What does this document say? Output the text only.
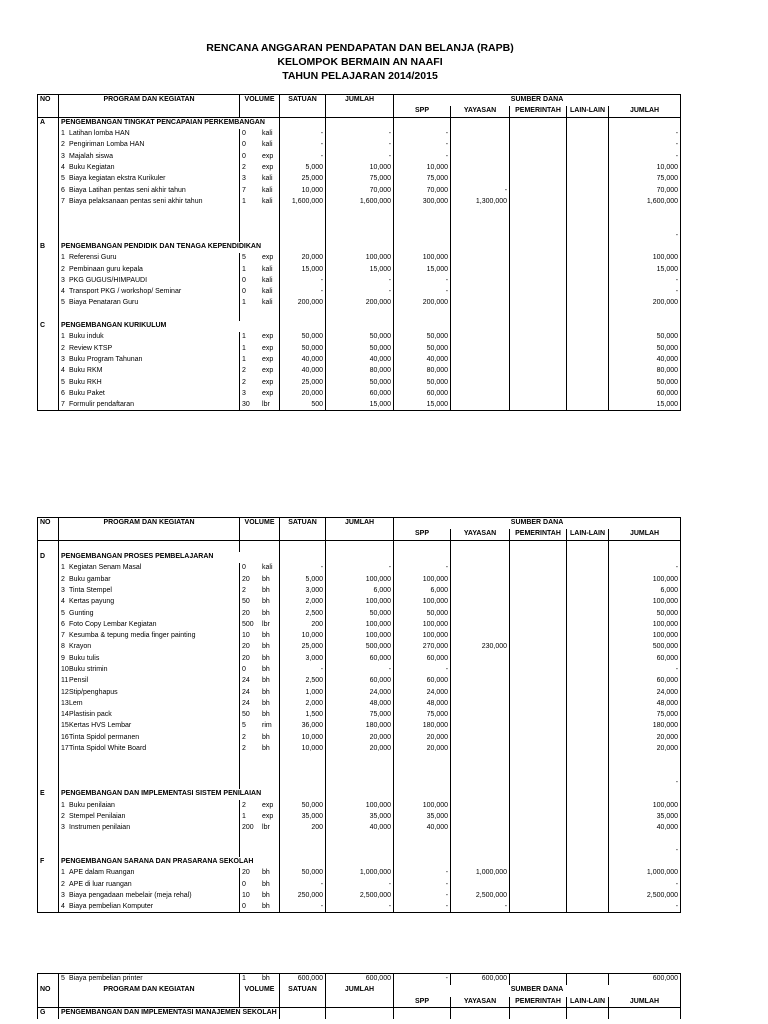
RENCANA ANGGARAN PENDAPATAN DAN BELANJA (RAPB)
KELOMPOK BERMAIN AN NAAFI
TAHUN PELAJARAN 2014/2015
NO	PROGRAM DAN KEGIATAN		VOLUME		SATUAN	JUMLAH	SUMBER DANA				
							SPP	YAYASAN	PEMERINTAH	LAIN-LAIN	JUMLAH
A	PENGEMBANGAN TINGKAT PENCAPAIAN PERKEMBANGAN										
	1	Latihan lomba HAN	0	kali	-	-	-				-
	2	Pengiriman Lomba HAN	0	kali	-	-	-				-
	3	Majalah siswa	0	exp	-	-	-				-
	4	Buku Kegiatan	2	exp	5,000	10,000	10,000				10,000
	5	Biaya kegiatan ekstra Kurikuler	3	kali	25,000	75,000	75,000				75,000
	6	Biaya Latihan pentas seni akhir tahun	7	kali	10,000	70,000	70,000	-			70,000
	7	Biaya pelaksanaan pentas seni akhir tahun	1	kali	1,600,000	1,600,000	300,000	1,300,000			1,600,000

											-
B	PENGEMBANGAN PENDIDIK DAN TENAGA KEPENDIDIKAN										
	1	Referensi Guru	5	exp	20,000	100,000	100,000				100,000
	2	Pembinaan guru kepala	1	kali	15,000	15,000	15,000				15,000
	3	PKG GUGUS/HIMPAUDI	0	kali	-	-	-				-
	4	Transport PKG / workshop/ Seminar	0	kali	-	-	-				-
	5	Biaya Penataran Guru	1	kali	200,000	200,000	200,000				200,000

C	PENGEMBANGAN KURIKULUM										
	1	Buku induk	1	exp	50,000	50,000	50,000				50,000
	2	Review KTSP	1	exp	50,000	50,000	50,000				50,000
	3	Buku Program Tahunan	1	exp	40,000	40,000	40,000				40,000
	4	Buku RKM	2	exp	40,000	80,000	80,000				80,000
	5	Buku RKH	2	exp	25,000	50,000	50,000				50,000
	6	Buku Paket	3	exp	20,000	60,000	60,000				60,000
	7	Formulir pendaftaran	30	lbr	500	15,000	15,000				15,000
NO	PROGRAM DAN KEGIATAN		VOLUME		SATUAN	JUMLAH	SUMBER DANA				
							SPP	YAYASAN	PEMERINTAH	LAIN-LAIN	JUMLAH

D	PENGEMBANGAN PROSES PEMBELAJARAN										
	1	Kegiatan Senam Masal	0	kali	-	-	-				-
	2	Buku gambar	20	bh	5,000	100,000	100,000				100,000
	3	Tinta Stempel	2	bh	3,000	6,000	6,000				6,000
	4	Kertas payung	50	bh	2,000	100,000	100,000				100,000
	5	Gunting	20	bh	2,500	50,000	50,000				50,000
	6	Foto Copy Lembar Kegiatan	500	lbr	200	100,000	100,000				100,000
	7	Kesumba & tepung media finger painting	10	bh	10,000	100,000	100,000				100,000
	8	Krayon	20	bh	25,000	500,000	270,000	230,000			500,000
	9	Buku tulis	20	bh	3,000	60,000	60,000				60,000
	10	Buku strimin	0	bh	-	-	-				-
	11	Pensil	24	bh	2,500	60,000	60,000				60,000
	12	Stip/penghapus	24	bh	1,000	24,000	24,000				24,000
	13	Lem	24	bh	2,000	48,000	48,000				48,000
	14	Plastisin pack	50	bh	1,500	75,000	75,000				75,000
	15	Kertas HVS Lembar	5	rim	36,000	180,000	180,000				180,000
	16	Tinta Spidol permanen	2	bh	10,000	20,000	20,000				20,000
	17	Tinta Spidol White Board	2	bh	10,000	20,000	20,000				20,000

											-
E	PENGEMBANGAN DAN IMPLEMENTASI SISTEM PENILAIAN										
	1	Buku penilaian	2	exp	50,000	100,000	100,000				100,000
	2	Stempel Penilaian	1	exp	35,000	35,000	35,000				35,000
	3	Instrumen penilaian	200	lbr	200	40,000	40,000				40,000

											-
F	PENGEMBANGAN SARANA DAN PRASARANA SEKOLAH										
	1	APE dalam Ruangan	20	bh	50,000	1,000,000	-	1,000,000			1,000,000
	2	APE di luar ruangan	0	bh	-	-	-				-
	3	Biaya pengadaan mebelair (meja rehal)	10	bh	250,000	2,500,000	-	2,500,000			2,500,000
	4	Biaya pembelian Komputer	0	bh	-	-	-	-			-
	5	Biaya pembelian printer	1	bh	600,000	600,000	-	600,000			600,000
NO	PROGRAM DAN KEGIATAN		VOLUME		SATUAN	JUMLAH	SUMBER DANA				
							SPP	YAYASAN	PEMERINTAH	LAIN-LAIN	JUMLAH
G	PENGEMBANGAN DAN IMPLEMENTASI MANAJEMEN SEKOLAH										
